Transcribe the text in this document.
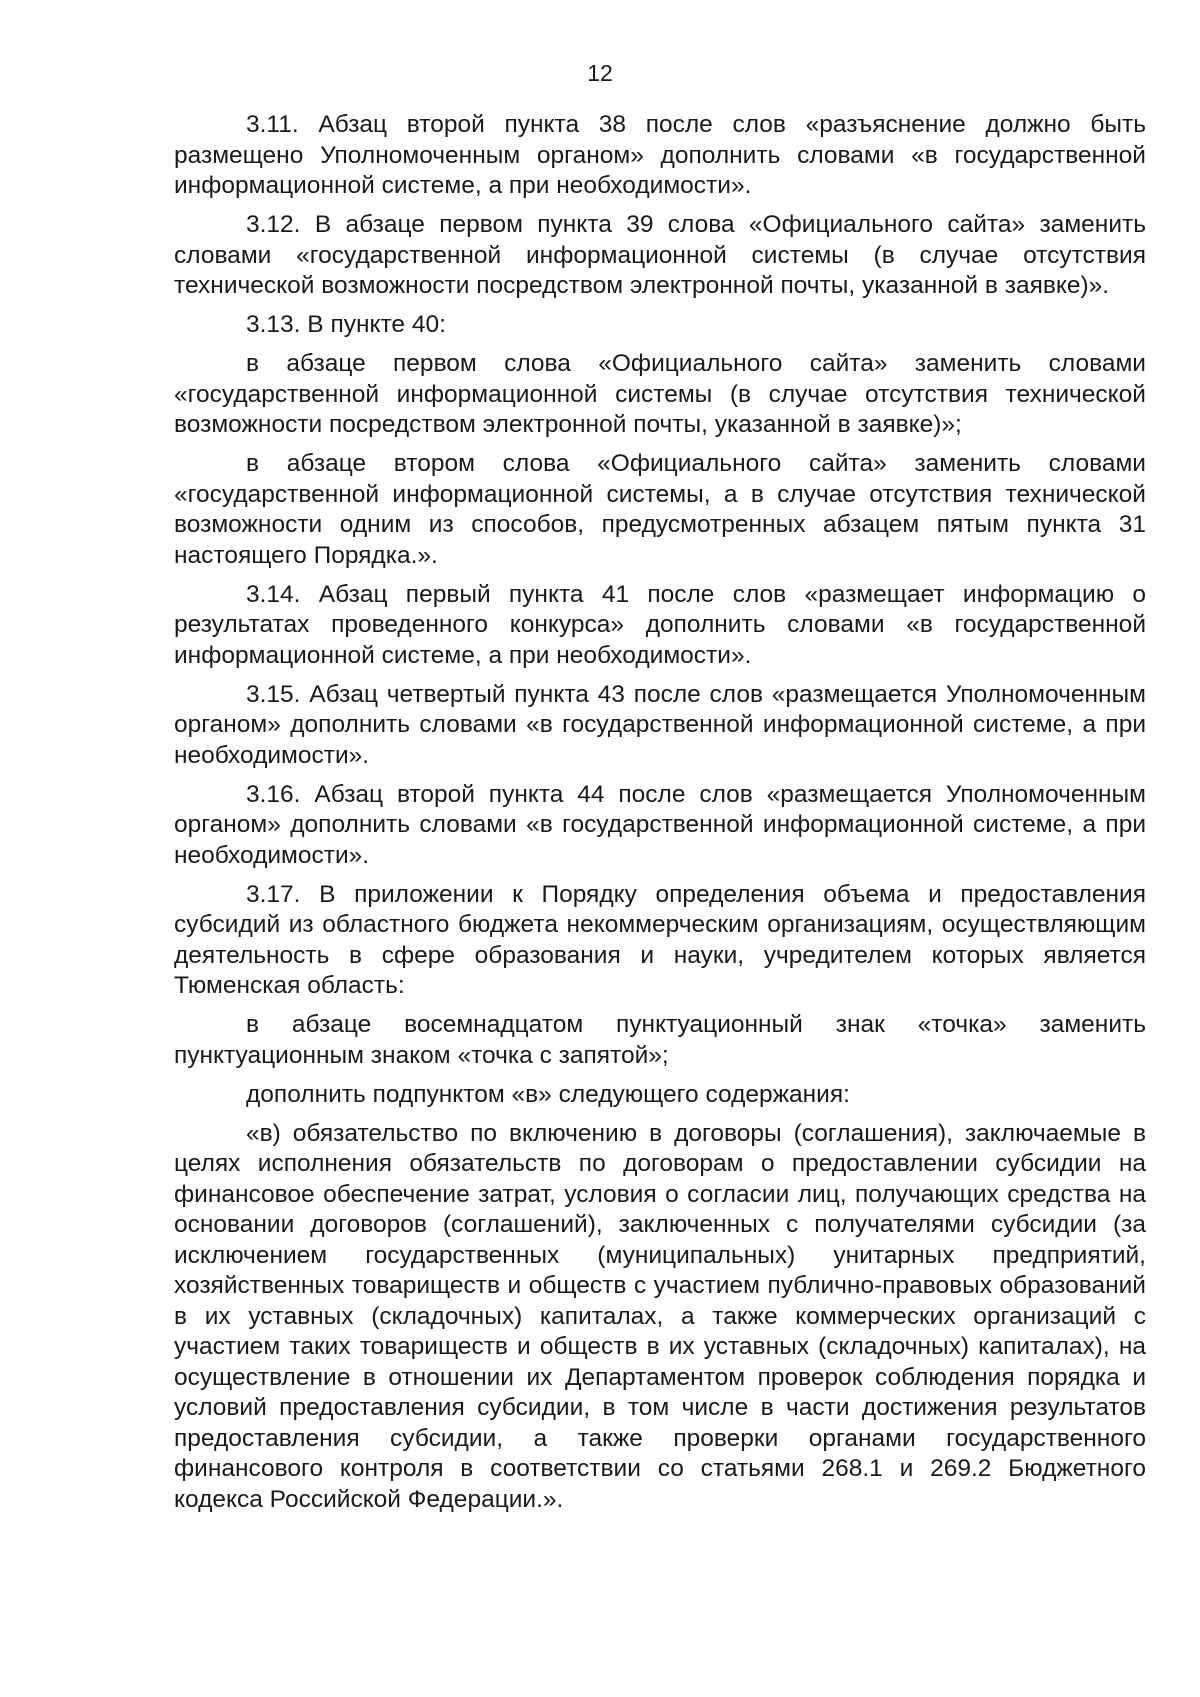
12

3.11. Абзац второй пункта 38 после слов «разъяснение должно быть размещено Уполномоченным органом» дополнить словами «в государственной информационной системе, а при необходимости».

3.12. В абзаце первом пункта 39 слова «Официального сайта» заменить словами «государственной информационной системы (в случае отсутствия технической возможности посредством электронной почты, указанной в заявке)».

3.13. В пункте 40:

в абзаце первом слова «Официального сайта» заменить словами «государственной информационной системы (в случае отсутствия технической возможности посредством электронной почты, указанной в заявке)»;

в абзаце втором слова «Официального сайта» заменить словами «государственной информационной системы, а в случае отсутствия технической возможности одним из способов, предусмотренных абзацем пятым пункта 31 настоящего Порядка.».

3.14. Абзац первый пункта 41 после слов «размещает информацию о результатах проведенного конкурса» дополнить словами «в государственной информационной системе, а при необходимости».

3.15. Абзац четвертый пункта 43 после слов «размещается Уполномоченным органом» дополнить словами «в государственной информационной системе, а при необходимости».

3.16. Абзац второй пункта 44 после слов «размещается Уполномоченным органом» дополнить словами «в государственной информационной системе, а при необходимости».

3.17. В приложении к Порядку определения объема и предоставления субсидий из областного бюджета некоммерческим организациям, осуществляющим деятельность в сфере образования и науки, учредителем которых является Тюменская область:

в абзаце восемнадцатом пунктуационный знак «точка» заменить пунктуационным знаком «точка с запятой»;

дополнить подпунктом «в» следующего содержания:

«в) обязательство по включению в договоры (соглашения), заключаемые в целях исполнения обязательств по договорам о предоставлении субсидии на финансовое обеспечение затрат, условия о согласии лиц, получающих средства на основании договоров (соглашений), заключенных с получателями субсидии (за исключением государственных (муниципальных) унитарных предприятий, хозяйственных товариществ и обществ с участием публично-правовых образований в их уставных (складочных) капиталах, а также коммерческих организаций с участием таких товариществ и обществ в их уставных (складочных) капиталах), на осуществление в отношении их Департаментом проверок соблюдения порядка и условий предоставления субсидии, в том числе в части достижения результатов предоставления субсидии, а также проверки органами государственного финансового контроля в соответствии со статьями 268.1 и 269.2 Бюджетного кодекса Российской Федерации.».
